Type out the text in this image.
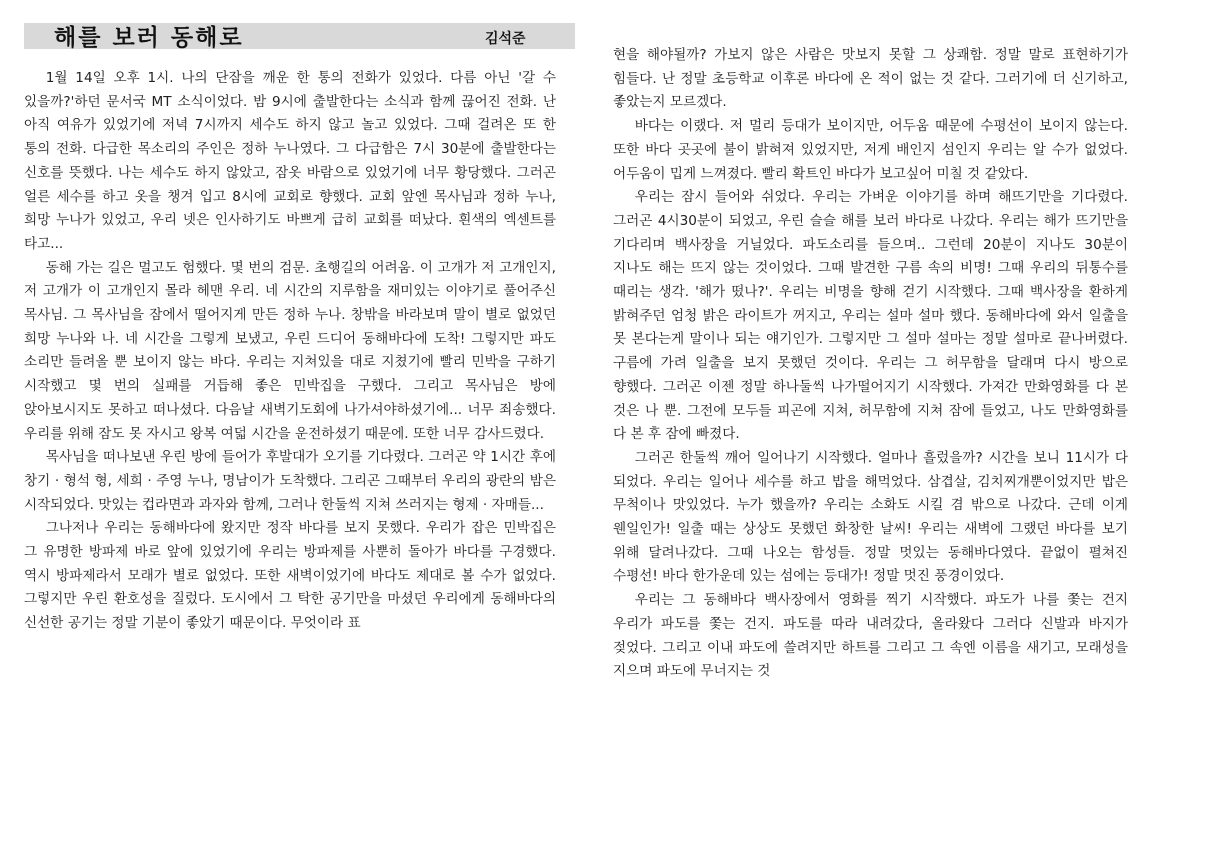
해를 보러 동해로	김석준

1월 14일 오후 1시. 나의 단잠을 깨운 한 통의 전화가 있었다. 다름 아닌 '갈 수 있을까?'하던 문서국 MT 소식이었다. 밤 9시에 출발한다는 소식과 함께 끊어진 전화. 난 아직 여유가 있었기에 저녁 7시까지 세수도 하지 않고 놀고 있었다. 그때 걸려온 또 한 통의 전화. 다급한 목소리의 주인은 정하 누나였다. 그 다급함은 7시 30분에 출발한다는 신호를 뜻했다. 나는 세수도 하지 않았고, 잠옷 바람으로 있었기에 너무 황당했다. 그러곤 얼른 세수를 하고 옷을 챙겨 입고 8시에 교회로 향했다. 교회 앞엔 목사님과 정하 누나, 희망 누나가 있었고, 우리 넷은 인사하기도 바쁘게 급히 교회를 떠났다. 흰색의 엑센트를 타고...

동해 가는 길은 멀고도 험했다. 몇 번의 검문. 초행길의 어려움. 이 고개가 저 고개인지, 저 고개가 이 고개인지 몰라 헤맨 우리. 네 시간의 지루함을 재미있는 이야기로 풀어주신 목사님. 그 목사님을 잠에서 떨어지게 만든 정하 누나. 창밖을 바라보며 말이 별로 없었던 희망 누나와 나. 네 시간을 그렇게 보냈고, 우린 드디어 동해바다에 도착! 그렇지만 파도 소리만 들려올 뿐 보이지 않는 바다. 우리는 지쳐있을 대로 지쳤기에 빨리 민박을 구하기 시작했고 몇 번의 실패를 거듭해 좋은 민박집을 구했다. 그리고 목사님은 방에 앉아보시지도 못하고 떠나셨다. 다음날 새벽기도회에 나가셔야하셨기에... 너무 죄송했다. 우리를 위해 잠도 못 자시고 왕복 여덟 시간을 운전하셨기 때문에. 또한 너무 감사드렸다.

목사님을 떠나보낸 우린 방에 들어가 후발대가 오기를 기다렸다. 그러곤 약 1시간 후에 창기 · 형석 형, 세희 · 주영 누나, 명남이가 도착했다. 그리곤 그때부터 우리의 광란의 밤은 시작되었다. 맛있는 컵라면과 과자와 함께, 그러나 한둘씩 지쳐 쓰러지는 형제 · 자매들...

그나저나 우리는 동해바다에 왔지만 정작 바다를 보지 못했다. 우리가 잡은 민박집은 그 유명한 방파제 바로 앞에 있었기에 우리는 방파제를 사뿐히 돌아가 바다를 구경했다. 역시 방파제라서 모래가 별로 없었다. 또한 새벽이었기에 바다도 제대로 볼 수가 없었다. 그렇지만 우린 환호성을 질렀다. 도시에서 그 탁한 공기만을 마셨던 우리에게 동해바다의 신선한 공기는 정말 기분이 좋았기 때문이다. 무엇이라 표

현을 해야될까? 가보지 않은 사람은 맛보지 못할 그 상쾌함. 정말 말로 표현하기가 힘들다. 난 정말 초등학교 이후론 바다에 온 적이 없는 것 같다. 그러기에 더 신기하고, 좋았는지 모르겠다.

바다는 이랬다. 저 멀리 등대가 보이지만, 어두움 때문에 수평선이 보이지 않는다. 또한 바다 곳곳에 불이 밝혀져 있었지만, 저게 배인지 섬인지 우리는 알 수가 없었다. 어두움이 밉게 느껴졌다. 빨리 확트인 바다가 보고싶어 미칠 것 같았다.

우리는 잠시 들어와 쉬었다. 우리는 가벼운 이야기를 하며 해뜨기만을 기다렸다. 그러곤 4시30분이 되었고, 우린 슬슬 해를 보러 바다로 나갔다. 우리는 해가 뜨기만을 기다리며 백사장을 거닐었다. 파도소리를 들으며.. 그런데 20분이 지나도 30분이 지나도 해는 뜨지 않는 것이었다. 그때 발견한 구름 속의 비명! 그때 우리의 뒤통수를 때리는 생각. '해가 떴나?'. 우리는 비명을 향해 걷기 시작했다. 그때 백사장을 환하게 밝혀주던 엄청 밝은 라이트가 꺼지고, 우리는 설마 설마 했다. 동해바다에 와서 일출을 못 본다는게 말이나 되는 얘기인가. 그렇지만 그 설마 설마는 정말 설마로 끝나버렸다. 구름에 가려 일출을 보지 못했던 것이다. 우리는 그 허무함을 달래며 다시 방으로 향했다. 그러곤 이젠 정말 하나둘씩 나가떨어지기 시작했다. 가져간 만화영화를 다 본 것은 나 뿐. 그전에 모두들 피곤에 지쳐, 허무함에 지쳐 잠에 들었고, 나도 만화영화를 다 본 후 잠에 빠졌다.

그러곤 한둘씩 깨어 일어나기 시작했다. 얼마나 흘렀을까? 시간을 보니 11시가 다 되었다. 우리는 일어나 세수를 하고 밥을 해먹었다. 삼겹살, 김치찌개뿐이었지만 밥은 무척이나 맛있었다. 누가 했을까? 우리는 소화도 시킬 겸 밖으로 나갔다. 근데 이게 웬일인가! 일출 때는 상상도 못했던 화창한 날씨! 우리는 새벽에 그랬던 바다를 보기 위해 달려나갔다. 그때 나오는 함성들. 정말 멋있는 동해바다였다. 끝없이 펼쳐진 수평선! 바다 한가운데 있는 섬에는 등대가! 정말 멋진 풍경이었다.

우리는 그 동해바다 백사장에서 영화를 찍기 시작했다. 파도가 나를 쫓는 건지 우리가 파도를 쫓는 건지. 파도를 따라 내려갔다, 올라왔다 그러다 신발과 바지가 젖었다. 그리고 이내 파도에 쓸려지만 하트를 그리고 그 속엔 이름을 새기고, 모래성을 지으며 파도에 무너지는 것
